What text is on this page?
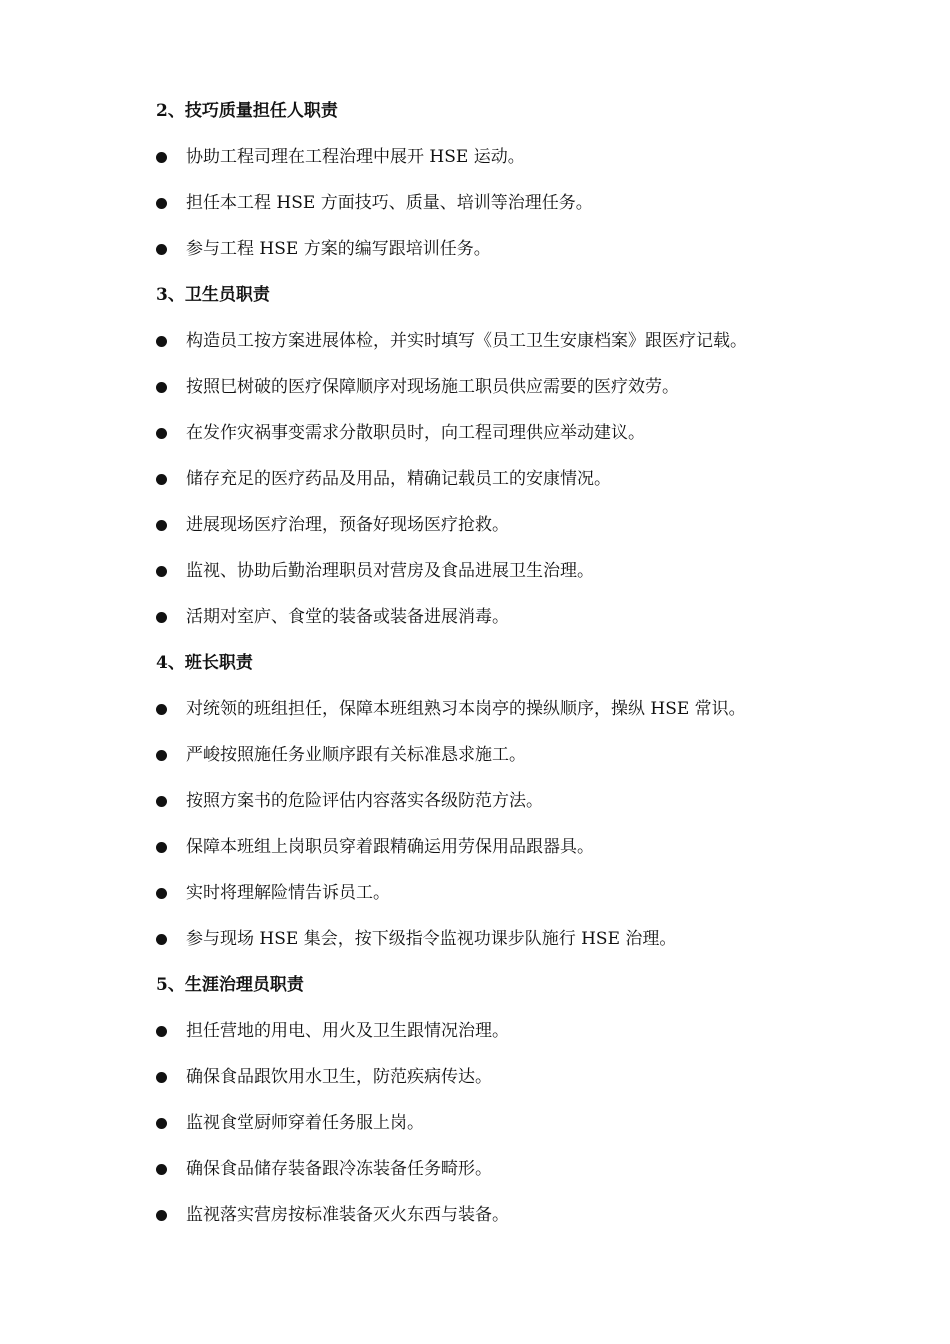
2、技巧质量担任人职责
协助工程司理在工程治理中展开 HSE 运动。
担任本工程 HSE 方面技巧、质量、培训等治理任务。
参与工程 HSE 方案的编写跟培训任务。
3、卫生员职责
构造员工按方案进展体检，并实时填写《员工卫生安康档案》跟医疗记载。
按照巳树破的医疗保障顺序对现场施工职员供应需要的医疗效劳。
在发作灾祸事变需求分散职员时，向工程司理供应举动建议。
储存充足的医疗药品及用品，精确记载员工的安康情况。
进展现场医疗治理，预备好现场医疗抢救。
监视、协助后勤治理职员对营房及食品进展卫生治理。
活期对室庐、食堂的装备或装备进展消毒。
4、班长职责
对统领的班组担任，保障本班组熟习本岗亭的操纵顺序，操纵 HSE 常识。
严峻按照施任务业顺序跟有关标准恳求施工。
按照方案书的危险评估内容落实各级防范方法。
保障本班组上岗职员穿着跟精确运用劳保用品跟器具。
实时将理解险情告诉员工。
参与现场 HSE 集会，按下级指令监视功课步队施行 HSE 治理。
5、生涯治理员职责
担任营地的用电、用火及卫生跟情况治理。
确保食品跟饮用水卫生，防范疾病传达。
监视食堂厨师穿着任务服上岗。
确保食品储存装备跟冷冻装备任务畸形。
监视落实营房按标准装备灭火东西与装备。
